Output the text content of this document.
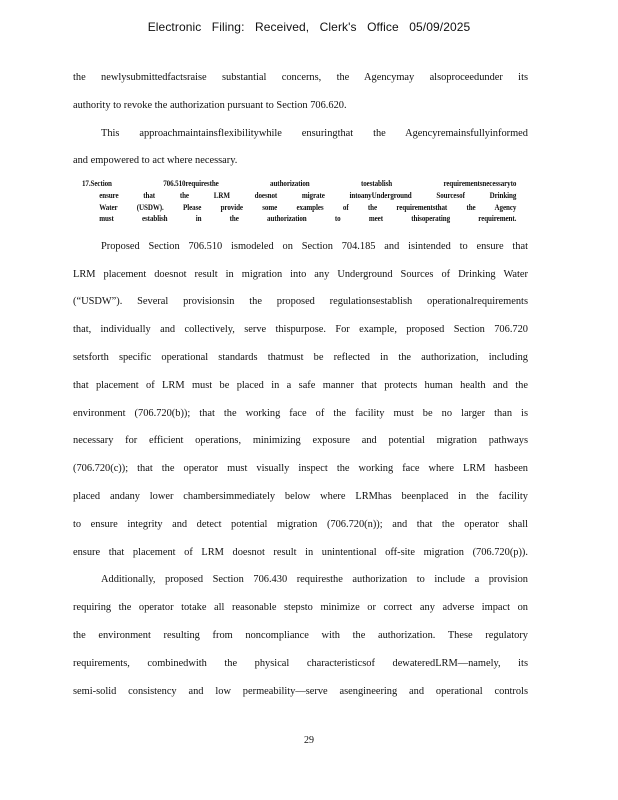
Electronic Filing: Received, Clerk's Office 05/09/2025
the newlysubmittedfactsraise substantial concerns, the Agencymay alsoproceedunder its
authority to revoke the authorization pursuant to Section 706.620.
This approachmaintainsflexibilitywhile ensuringthat the Agencyremainsfullyinformed
and empowered to act where necessary.
17.Section 706.510requiresthe authorization toestablish requirementsnecessaryto
ensure that the LRM doesnot migrate intoanyUnderground Sourcesof Drinking
Water (USDW). Please provide some examples of the requirementsthat the Agency
must establish in the authorization to meet thisoperating requirement.
Proposed Section 706.510 ismodeled on Section 704.185 and isintended to ensure that
LRM placement doesnot result in migration into any Underground Sources of Drinking Water
(“USDW”). Several provisionsin the proposed regulationsestablish operationalrequirements
that, individually and collectively, serve thispurpose. For example, proposed Section 706.720
setsforth specific operational standards thatmust be reflected in the authorization, including
that placement of LRM must be placed in a safe manner that protects human health and the
environment (706.720(b)); that the working face of the facility must be no larger than is
necessary for efficient operations, minimizing exposure and potential migration pathways
(706.720(c)); that the operator must visually inspect the working face where LRM hasbeen
placed andany lower chambersimmediately below where LRMhas beenplaced in the facility
to ensure integrity and detect potential migration (706.720(n)); and that the operator shall
ensure that placement of LRM doesnot result in unintentional off-site migration (706.720(p)).
Additionally, proposed Section 706.430 requiresthe authorization to include a provision
requiring the operator totake all reasonable stepsto minimize or correct any adverse impact on
the environment resulting from noncompliance with the authorization. These regulatory
requirements, combinedwith the physical characteristicsof dewateredLRM—namely, its
semi-solid consistency and low permeability—serve asengineering and operational controls
29
